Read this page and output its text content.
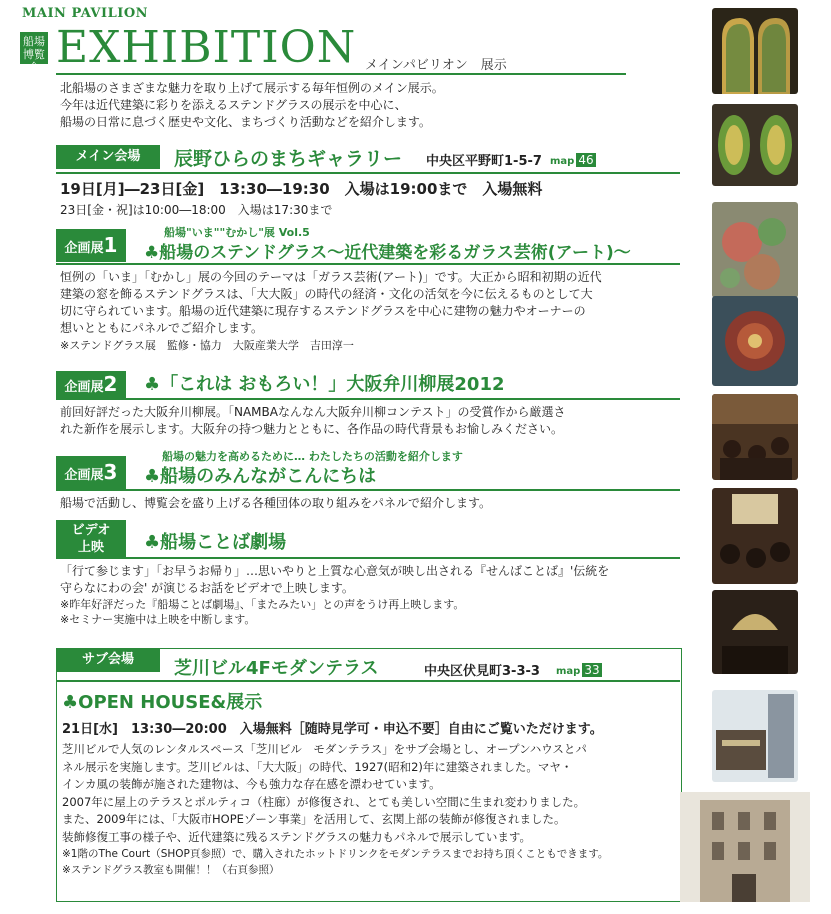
MAIN PAVILION
船場博覧会 EXHIBITION メインパビリオン　展示
北船場のさまざまな魅力を取り上げて展示する毎年恒例のメイン展示。
今年は近代建築に彩りを添えるステンドグラスの展示を中心に、
船場の日常に息づく歴史や文化、まちづくり活動などを紹介します。
メイン会場	辰野ひらのまちギャラリー 中央区平野町1-5-7 map 46
19日[月]―23日[金]　13:30―19:30　入場は19:00まで　入場無料
23日[金・祝]は10:00―18:00　入場は17:30まで
企画展1
船場"いま""むかし"展 Vol.5
♣船場のステンドグラス〜近代建築を彩るガラス芸術(アート)〜
恒例の「いま」「むかし」展の今回のテーマは「ガラス芸術(アート)」です。大正から昭和初期の近代
建築の窓を飾るステンドグラスは、「大大阪」の時代の経済・文化の活気を今に伝えるものとして大
切に守られています。船場の近代建築に現存するステンドグラスを中心に建物の魅力やオーナーの
想いとともにパネルでご紹介します。
※ステンドグラス展　監修・協力　大阪産業大学　吉田淳一
企画展2	♣「これは おもろい！」大阪弁川柳展2012
前回好評だった大阪弁川柳展。「NAMBAなんなん大阪弁川柳コンテスト」の受賞作から厳選さ
れた新作を展示します。大阪弁の持つ魅力とともに、各作品の時代背景もお愉しみください。
企画展3
船場の魅力を高めるために… わたしたちの活動を紹介します
♣船場のみんながこんにちは
船場で活動し、博覧会を盛り上げる各種団体の取り組みをパネルで紹介します。
ビデオ
上映	♣船場ことば劇場
「行て参じます」「お早うお帰り」…思いやりと上質な心意気が映し出される『せんばことば』'伝統を
守らなにわの会' が演じるお話をビデオで上映します。
※昨年好評だった『船場ことば劇場』、「またみたい」との声をうけ再上映します。
※セミナー実施中は上映を中断します。
サブ会場	芝川ビル4Fモダンテラス	中央区伏見町3-3-3 map 33
♣OPEN HOUSE&展示
21日[水]　13:30―20:00　入場無料［随時見学可・申込不要］自由にご覧いただけます。
芝川ビルで人気のレンタルスペース「芝川ビル　モダンテラス」をサブ会場とし、オープンハウスとパ
ネル展示を実施します。芝川ビルは、「大大阪」の時代、1927(昭和2)年に建築されました。マヤ・
インカ風の装飾が施された建物は、今も強力な存在感を漂わせています。
2007年に屋上のテラスとポルティコ（柱廊）が修復され、とても美しい空間に生まれ変わりました。
また、2009年には、「大阪市HOPEゾーン事業」を活用して、玄関上部の装飾が修復されました。
装飾修復工事の様子や、近代建築に残るステンドグラスの魅力もパネルで展示しています。
※1階のThe Court（SHOP頁参照）で、購入されたホットドリンクをモダンテラスまでお持ち頂くこともできます。
※ステンドグラス教室も開催！！（右頁参照）
